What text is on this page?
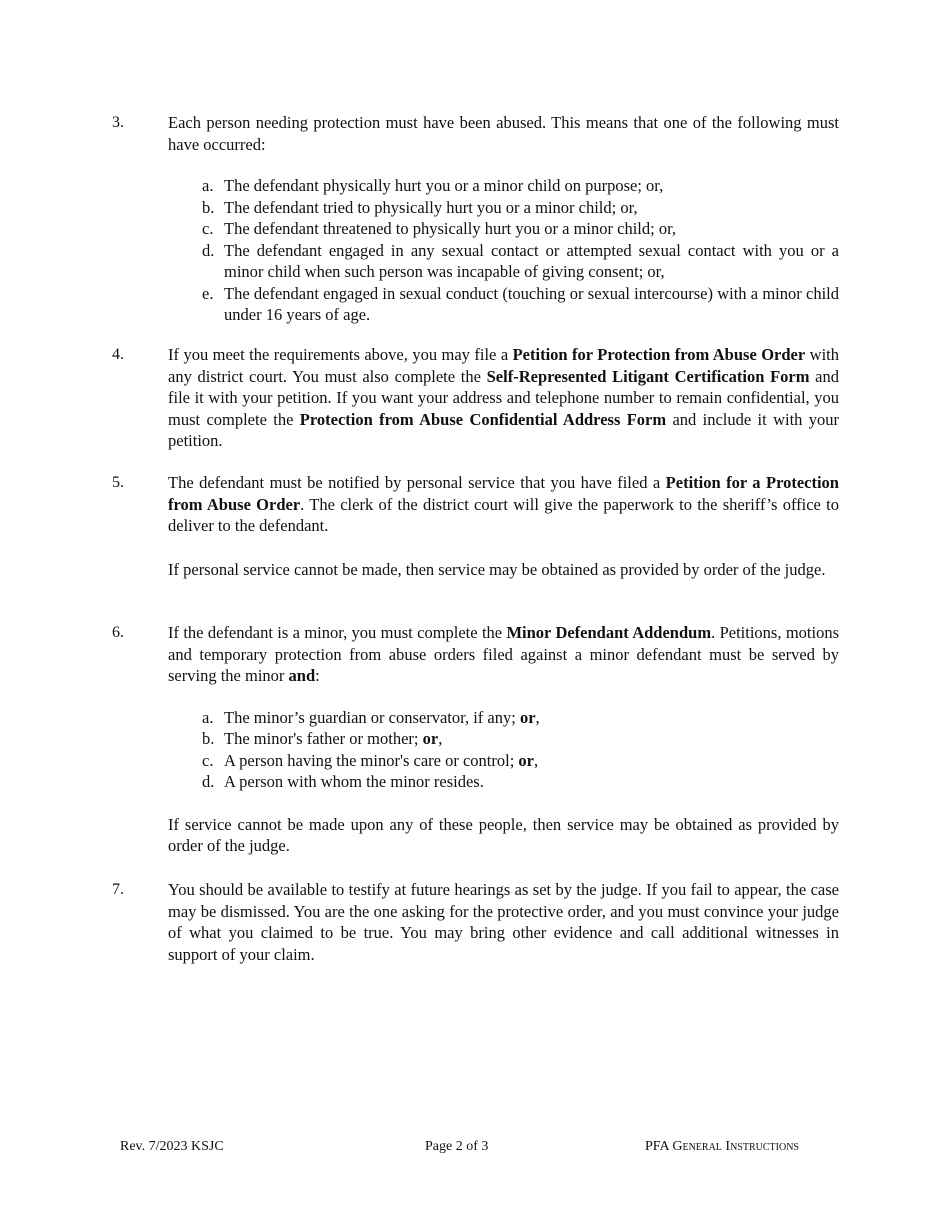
3.	Each person needing protection must have been abused. This means that one of the following must have occurred:

a. The defendant physically hurt you or a minor child on purpose; or,
b. The defendant tried to physically hurt you or a minor child; or,
c. The defendant threatened to physically hurt you or a minor child; or,
d. The defendant engaged in any sexual contact or attempted sexual contact with you or a minor child when such person was incapable of giving consent; or,
e. The defendant engaged in sexual conduct (touching or sexual intercourse) with a minor child under 16 years of age.
4.	If you meet the requirements above, you may file a Petition for Protection from Abuse Order with any district court. You must also complete the Self-Represented Litigant Certification Form and file it with your petition. If you want your address and telephone number to remain confidential, you must complete the Protection from Abuse Confidential Address Form and include it with your petition.

5.	The defendant must be notified by personal service that you have filed a Petition for a Protection from Abuse Order. The clerk of the district court will give the paperwork to the sheriff’s office to deliver to the defendant.

If personal service cannot be made, then service may be obtained as provided by order of the judge.

6.	If the defendant is a minor, you must complete the Minor Defendant Addendum. Petitions, motions and temporary protection from abuse orders filed against a minor defendant must be served by serving the minor and:

a. The minor’s guardian or conservator, if any; or,
b. The minor's father or mother; or,
c. A person having the minor's care or control; or,
d. A person with whom the minor resides.

If service cannot be made upon any of these people, then service may be obtained as provided by order of the judge.

7.	You should be available to testify at future hearings as set by the judge. If you fail to appear, the case may be dismissed. You are the one asking for the protective order, and you must convince your judge of what you claimed to be true. You may bring other evidence and call additional witnesses in support of your claim.

Rev. 7/2023 KSJC	Page 2 of 3	PFA General Instructions
